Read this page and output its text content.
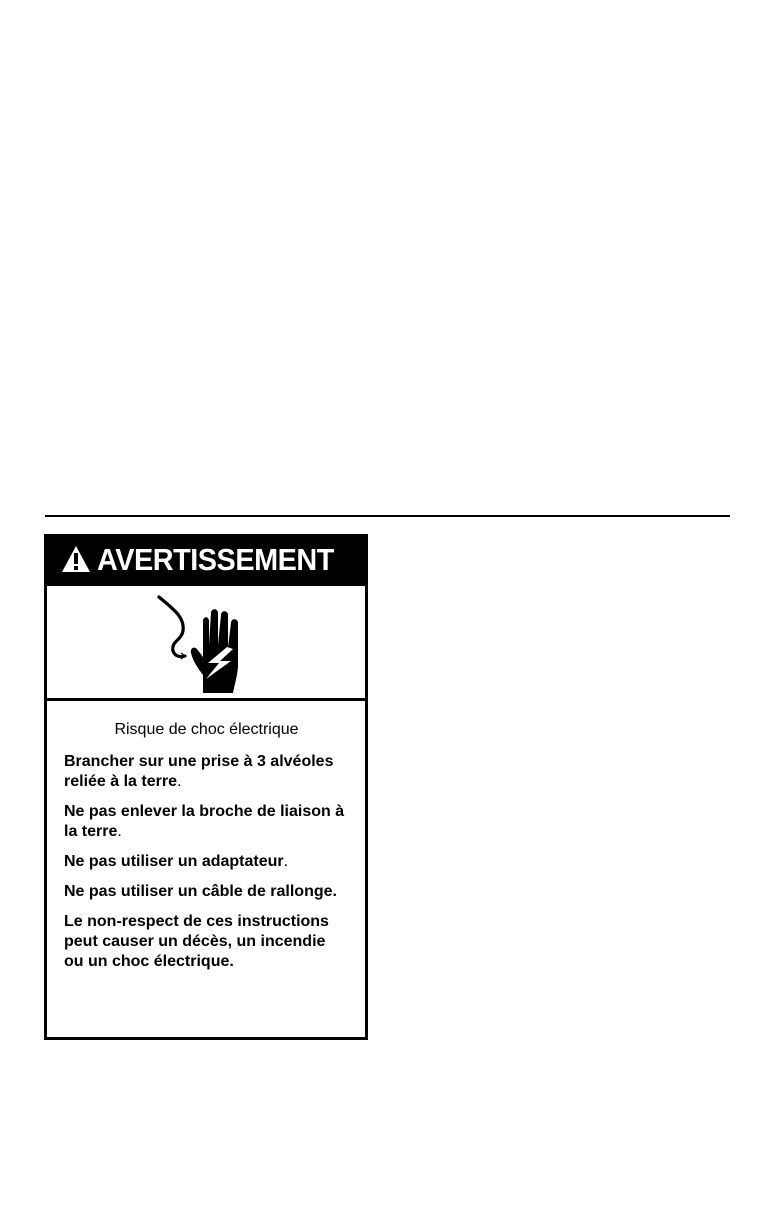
AVERTISSEMENT

Risque de choc électrique

Brancher sur une prise à 3 alvéoles reliée à la terre.

Ne pas enlever la broche de liaison à la terre.

Ne pas utiliser un adaptateur.

Ne pas utiliser un câble de rallonge.

Le non-respect de ces instructions peut causer un décès, un incendie ou un choc électrique.
